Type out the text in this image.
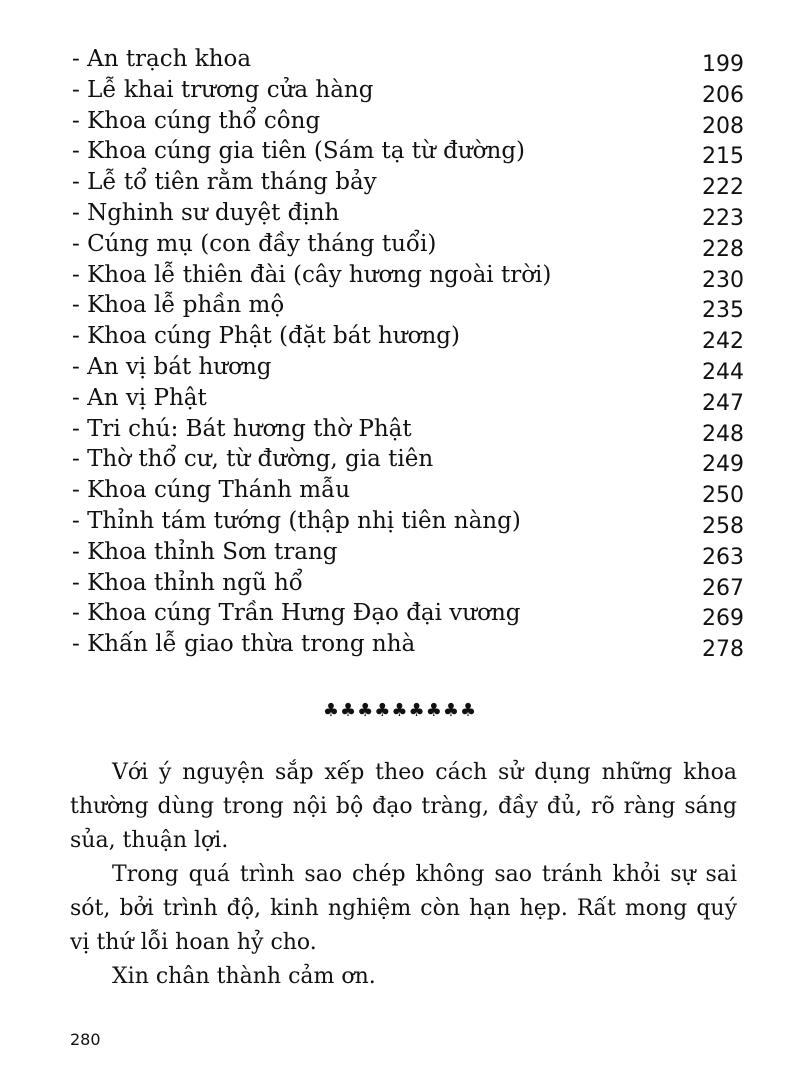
- An trạch khoa	199
- Lễ khai trương cửa hàng	206
- Khoa cúng thổ công	208
- Khoa cúng gia tiên (Sám tạ từ đường)	215
- Lễ tổ tiên rằm tháng bảy	222
- Nghinh sư duyệt định	223
- Cúng mụ (con đầy tháng tuổi)	228
- Khoa lễ thiên đài (cây hương ngoài trời)	230
- Khoa lễ phần mộ	235
- Khoa cúng Phật (đặt bát hương)	242
- An vị bát hương	244
- An vị Phật	247
- Tri chú: Bát hương thờ Phật	248
- Thờ thổ cư, từ đường, gia tiên	249
- Khoa cúng Thánh mẫu	250
- Thỉnh tám tướng (thập nhị tiên nàng)	258
- Khoa thỉnh Sơn trang	263
- Khoa thỉnh ngũ hổ	267
- Khoa cúng Trần Hưng Đạo đại vương	269
- Khấn lễ giao thừa trong nhà	278
♣♣♣♣♣♣♣♣♣

Với ý nguyện sắp xếp theo cách sử dụng những khoa thường dùng trong nội bộ đạo tràng, đầy đủ, rõ ràng sáng sủa, thuận lợi.

Trong quá trình sao chép không sao tránh khỏi sự sai sót, bởi trình độ, kinh nghiệm còn hạn hẹp. Rất mong quý vị thứ lỗi hoan hỷ cho.

Xin chân thành cảm ơn.

280
